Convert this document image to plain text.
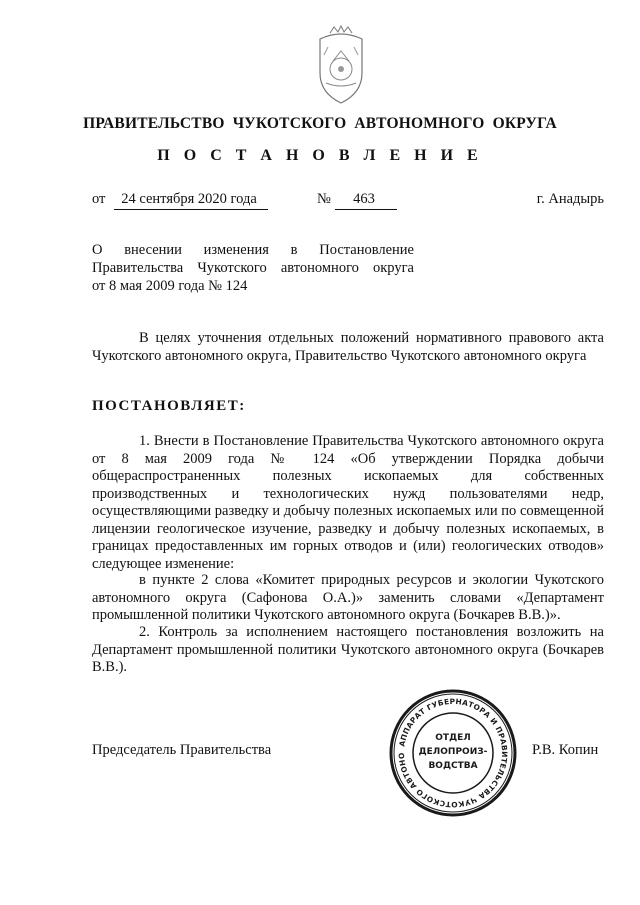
ПРАВИТЕЛЬСТВО ЧУКОТСКОГО АВТОНОМНОГО ОКРУГА
П О С Т А Н О В Л Е Н И Е
от	24 сентября 2020 года	№	463	г. Анадырь
О внесении изменения в Постановление
Правительства Чукотского автономного округа
от 8 мая 2009 года № 124
В целях уточнения отдельных положений нормативного правового акта Чукотского автономного округа, Правительство Чукотского автономного округа
ПОСТАНОВЛЯЕТ:
1. Внести в Постановление Правительства Чукотского автономного округа от 8 мая 2009 года № 124 «Об утверждении Порядка добычи общераспространенных полезных ископаемых для собственных производственных и технологических нужд пользователями недр, осуществляющими разведку и добычу полезных ископаемых или по совмещенной лицензии геологическое изучение, разведку и добычу полезных ископаемых, в границах предоставленных им горных отводов и (или) геологических отводов» следующее изменение:
в пункте 2 слова «Комитет природных ресурсов и экологии Чукотского автономного округа (Сафонова О.А.)» заменить словами «Департамент промышленной политики Чукотского автономного округа (Бочкарев В.В.)».
2. Контроль за исполнением настоящего постановления возложить на Департамент промышленной политики Чукотского автономного округа (Бочкарев В.В.).
Председатель Правительства	Р.В. Копин
АППАРАТ ГУБЕРНАТОРА И ПРАВИТЕЛЬСТВА ЧУКОТСКОГО АВТОНО
ОТДЕЛ
ДЕЛОПРОИЗ-
ВОДСТВА
